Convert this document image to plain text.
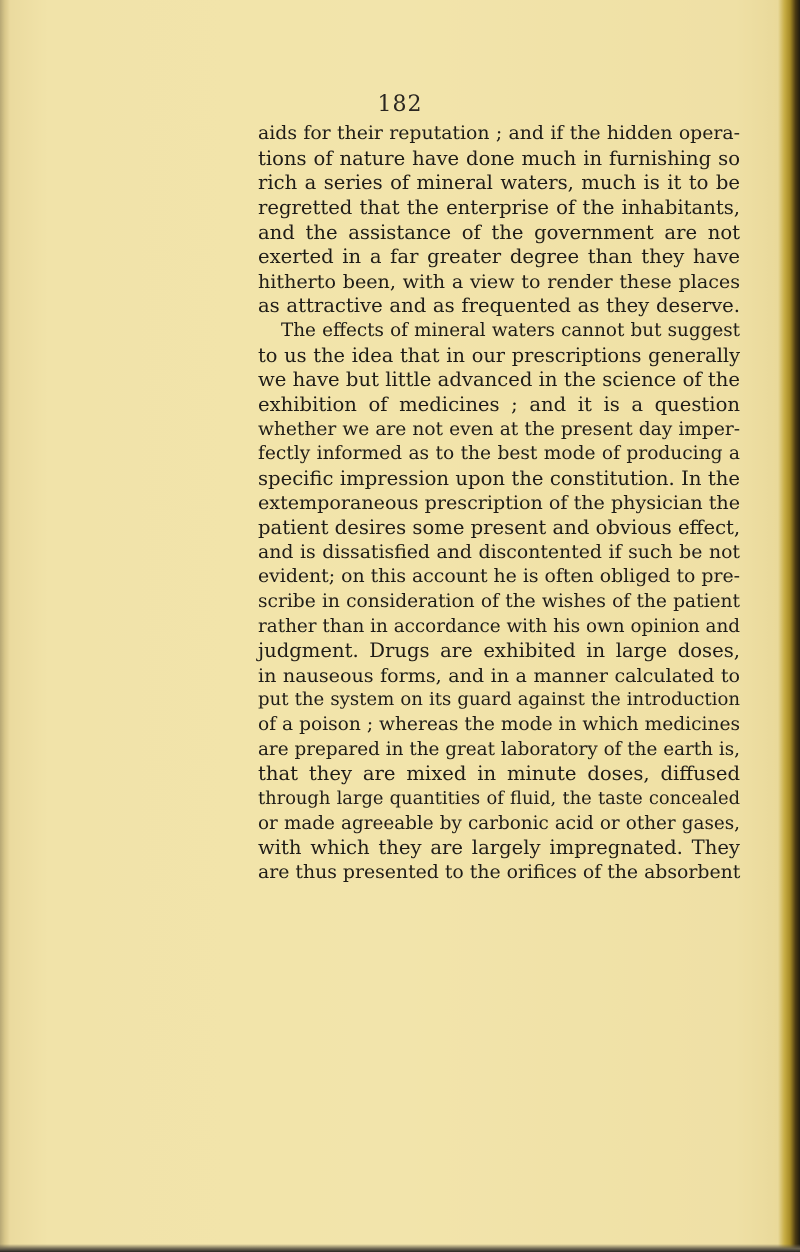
182
aids for their reputation ; and if the hidden opera-
tions of nature have done much in furnishing so
rich a series of mineral waters, much is it to be
regretted that the enterprise of the inhabitants,
and the assistance of the government are not
exerted in a far greater degree than they have
hitherto been, with a view to render these places
as attractive and as frequented as they deserve.
The effects of mineral waters cannot but suggest
to us the idea that in our prescriptions generally
we have but little advanced in the science of the
exhibition of medicines ; and it is a question
whether we are not even at the present day imper-
fectly informed as to the best mode of producing a
specific impression upon the constitution. In the
extemporaneous prescription of the physician the
patient desires some present and obvious effect,
and is dissatisfied and discontented if such be not
evident; on this account he is often obliged to pre-
scribe in consideration of the wishes of the patient
rather than in accordance with his own opinion and
judgment. Drugs are exhibited in large doses,
in nauseous forms, and in a manner calculated to
put the system on its guard against the introduction
of a poison ; whereas the mode in which medicines
are prepared in the great laboratory of the earth is,
that they are mixed in minute doses, diffused
through large quantities of fluid, the taste concealed
or made agreeable by carbonic acid or other gases,
with which they are largely impregnated. They
are thus presented to the orifices of the absorbent
